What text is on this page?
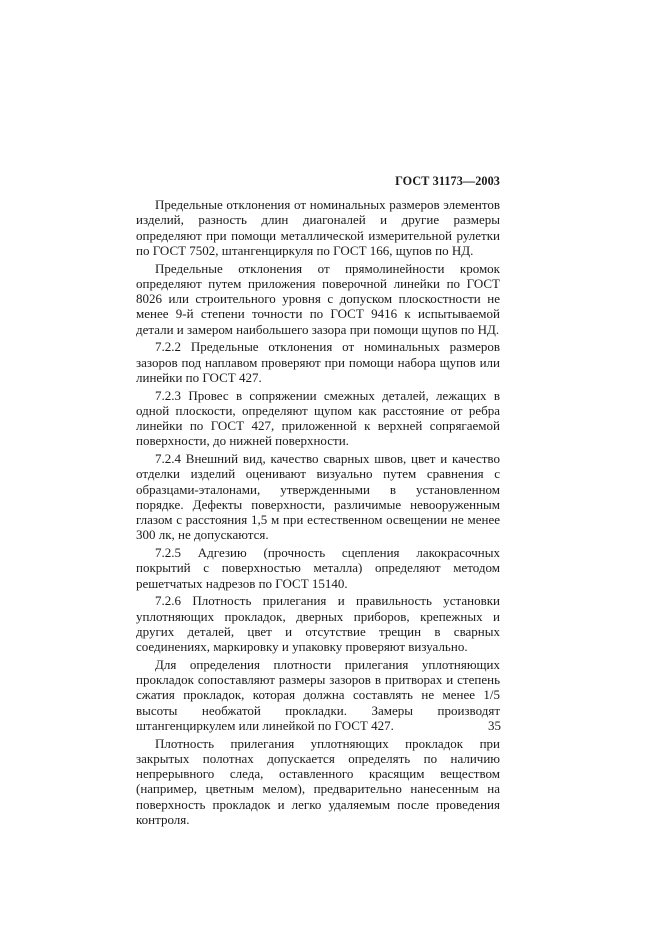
ГОСТ 31173—2003

Предельные отклонения от номинальных размеров элементов изделий, разность длин диагоналей и другие размеры определяют при помощи металлической измерительной рулетки по ГОСТ 7502, штангенциркуля по ГОСТ 166, щупов по НД.

Предельные отклонения от прямолинейности кромок определяют путем приложения поверочной линейки по ГОСТ 8026 или строительного уровня с допуском плоскостности не менее 9-й степени точности по ГОСТ 9416 к испытываемой детали и замером наибольшего зазора при помощи щупов по НД.

7.2.2 Предельные отклонения от номинальных размеров зазоров под наплавом проверяют при помощи набора щупов или линейки по ГОСТ 427.

7.2.3 Провес в сопряжении смежных деталей, лежащих в одной плоскости, определяют щупом как расстояние от ребра линейки по ГОСТ 427, приложенной к верхней сопрягаемой поверхности, до нижней поверхности.

7.2.4 Внешний вид, качество сварных швов, цвет и качество отделки изделий оценивают визуально путем сравнения с образцами-эталонами, утвержденными в установленном порядке. Дефекты поверхности, различимые невооруженным глазом с расстояния 1,5 м при естественном освещении не менее 300 лк, не допускаются.

7.2.5 Адгезию (прочность сцепления лакокрасочных покрытий с поверхностью металла) определяют методом решетчатых надрезов по ГОСТ 15140.

7.2.6 Плотность прилегания и правильность установки уплотняющих прокладок, дверных приборов, крепежных и других деталей, цвет и отсутствие трещин в сварных соединениях, маркировку и упаковку проверяют визуально.

Для определения плотности прилегания уплотняющих прокладок сопоставляют размеры зазоров в притворах и степень сжатия прокладок, которая должна составлять не менее 1/5 высоты необжатой прокладки. Замеры производят штангенциркулем или линейкой по ГОСТ 427.

Плотность прилегания уплотняющих прокладок при закрытых полотнах допускается определять по наличию непрерывного следа, оставленного красящим веществом (например, цветным мелом), предварительно нанесенным на поверхность прокладок и легко удаляемым после проведения контроля.

35
